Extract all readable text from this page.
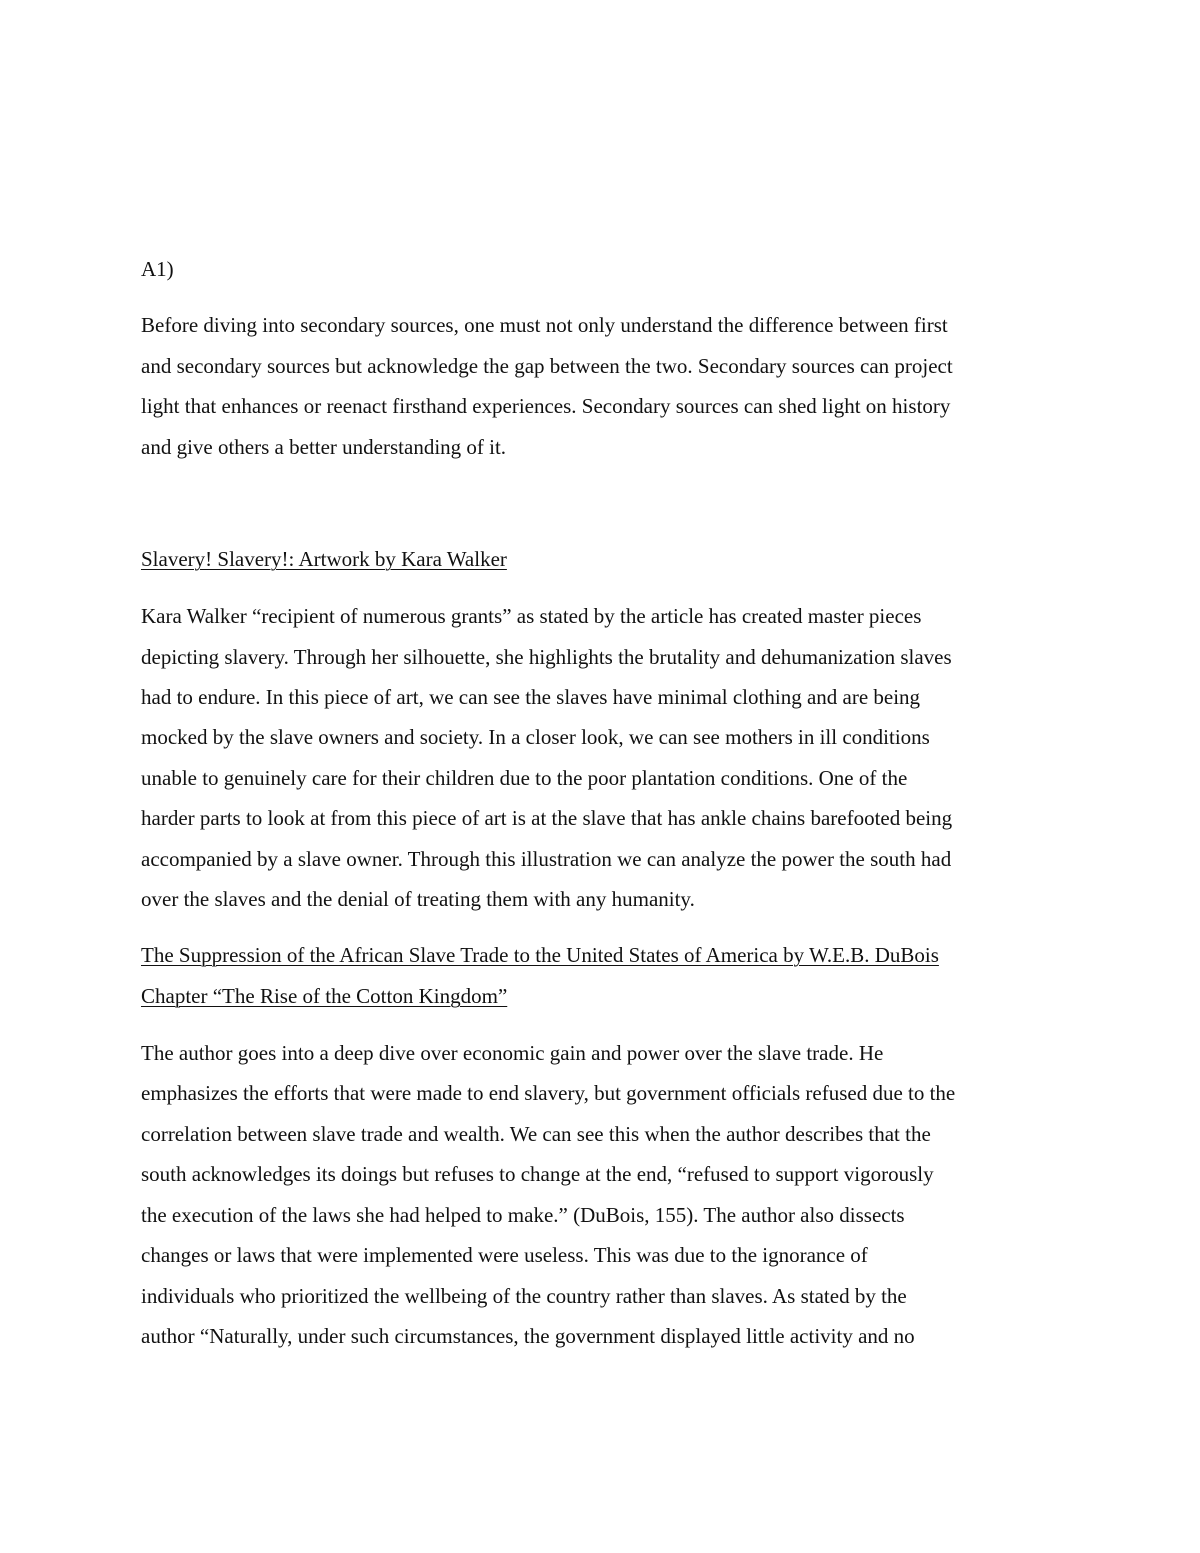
A1)
Before diving into secondary sources, one must not only understand the difference between first
and secondary sources but acknowledge the gap between the two. Secondary sources can project
light that enhances or reenact firsthand experiences. Secondary sources can shed light on history
and give others a better understanding of it.
Slavery! Slavery!: Artwork by Kara Walker
Kara Walker “recipient of numerous grants” as stated by the article has created master pieces
depicting slavery. Through her silhouette, she highlights the brutality and dehumanization slaves
had to endure. In this piece of art, we can see the slaves have minimal clothing and are being
mocked by the slave owners and society. In a closer look, we can see mothers in ill conditions
unable to genuinely care for their children due to the poor plantation conditions. One of the
harder parts to look at from this piece of art is at the slave that has ankle chains barefooted being
accompanied by a slave owner. Through this illustration we can analyze the power the south had
over the slaves and the denial of treating them with any humanity.
The Suppression of the African Slave Trade to the United States of America by W.E.B. DuBois
Chapter “The Rise of the Cotton Kingdom”
The author goes into a deep dive over economic gain and power over the slave trade. He
emphasizes the efforts that were made to end slavery, but government officials refused due to the
correlation between slave trade and wealth. We can see this when the author describes that the
south acknowledges its doings but refuses to change at the end, “refused to support vigorously
the execution of the laws she had helped to make.” (DuBois, 155). The author also dissects
changes or laws that were implemented were useless. This was due to the ignorance of
individuals who prioritized the wellbeing of the country rather than slaves. As stated by the
author “Naturally, under such circumstances, the government displayed little activity and no
